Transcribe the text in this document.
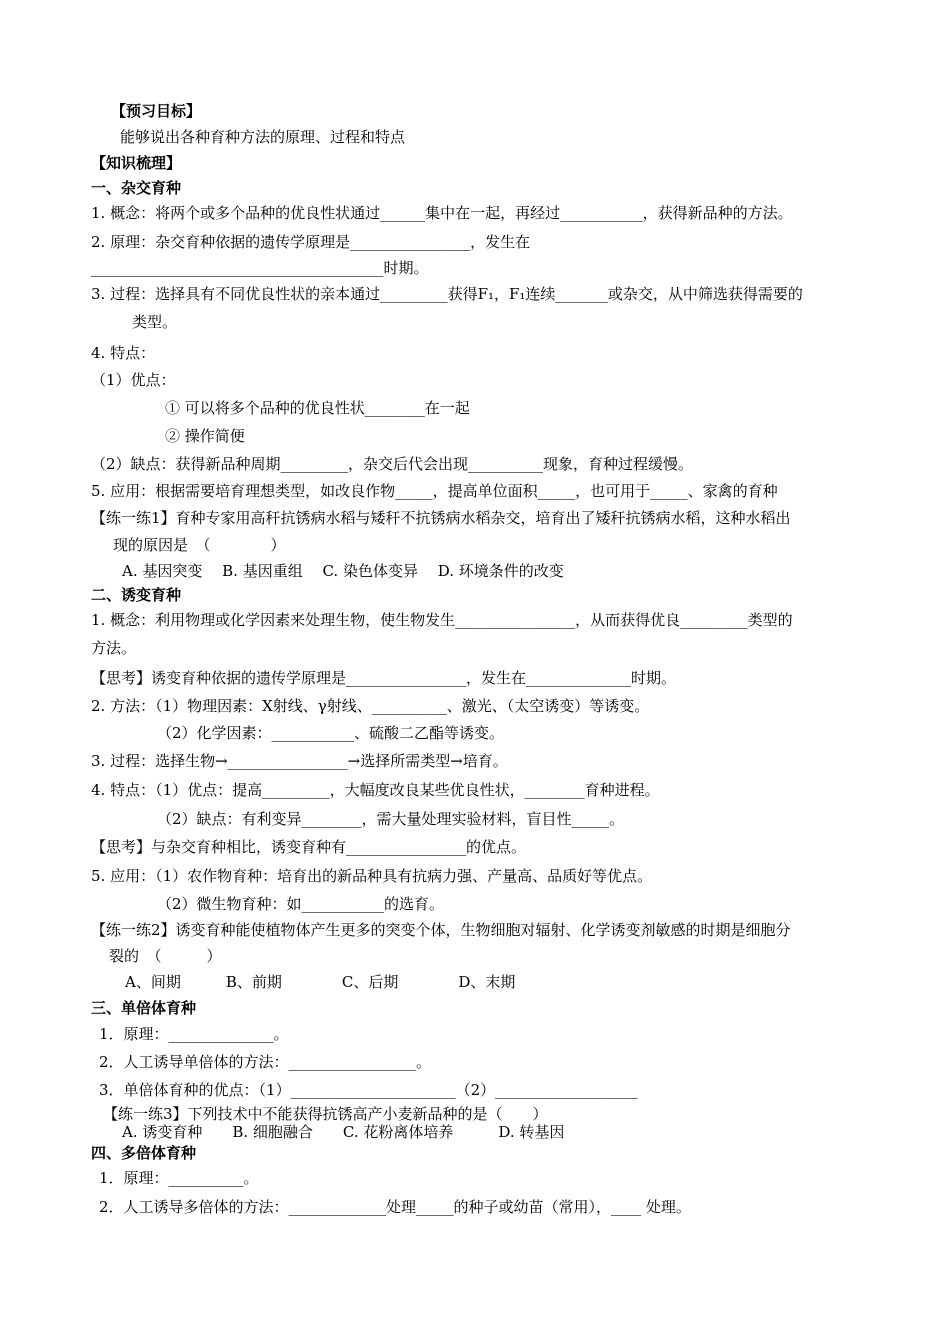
【预习目标】
能够说出各种育种方法的原理、过程和特点
【知识梳理】
一、杂交育种
1. 概念：将两个或多个品种的优良性状通过______集中在一起，再经过___________，获得新品种的方法。
2. 原理：杂交育种依据的遗传学原理是________________，发生在
_______________________________________时期。
3. 过程：选择具有不同优良性状的亲本通过_________获得F₁，F₁连续_______或杂交，从中筛选获得需要的
类型。
4. 特点：
（1）优点：
① 可以将多个品种的优良性状________在一起
② 操作简便
（2）缺点：获得新品种周期_________，杂交后代会出现__________现象，育种过程缓慢。
5. 应用：根据需要培育理想类型，如改良作物_____，提高单位面积_____，也可用于_____、家禽的育种
【练一练1】育种专家用高秆抗锈病水稻与矮秆不抗锈病水稻杂交，培育出了矮秆抗锈病水稻，这种水稻出
现的原因是　（　　　　）
A. 基因突变　 B. 基因重组　 C. 染色体变异　 D. 环境条件的改变
二、诱变育种
1. 概念：利用物理或化学因素来处理生物，使生物发生________________，从而获得优良_________类型的
方法。
【思考】诱变育种依据的遗传学原理是________________，发生在______________时期。
2. 方法：（1）物理因素：X射线、γ射线、__________、激光、（太空诱变）等诱变。
（2）化学因素：___________、硫酸二乙酯等诱变。
3. 过程：选择生物→________________→选择所需类型→培育。
4. 特点：（1）优点：提高_________，大幅度改良某些优良性状，________育种进程。
（2）缺点：有利变异________，需大量处理实验材料，盲目性_____。
【思考】与杂交育种相比，诱变育种有________________的优点。
5. 应用：（1）农作物育种：培育出的新品种具有抗病力强、产量高、品质好等优点。
（2）微生物育种：如___________的选育。
【练一练2】诱变育种能使植物体产生更多的突变个体，生物细胞对辐射、化学诱变剂敏感的时期是细胞分
裂的　（　　　）
A、间期　　　B、前期　　　　C、后期　　　　D、末期
三、单倍体育种
1．原理：______________。
2．人工诱导单倍体的方法：_________________。
3．单倍体育种的优点：（1）______________________（2）___________________
【练一练3】下列技术中不能获得抗锈高产小麦新品种的是（　　）
A. 诱变育种　　B. 细胞融合　　C. 花粉离体培养　　　D. 转基因
四、多倍体育种
1．原理：__________。
2．人工诱导多倍体的方法：_____________处理_____的种子或幼苗（常用），____ 处理。
